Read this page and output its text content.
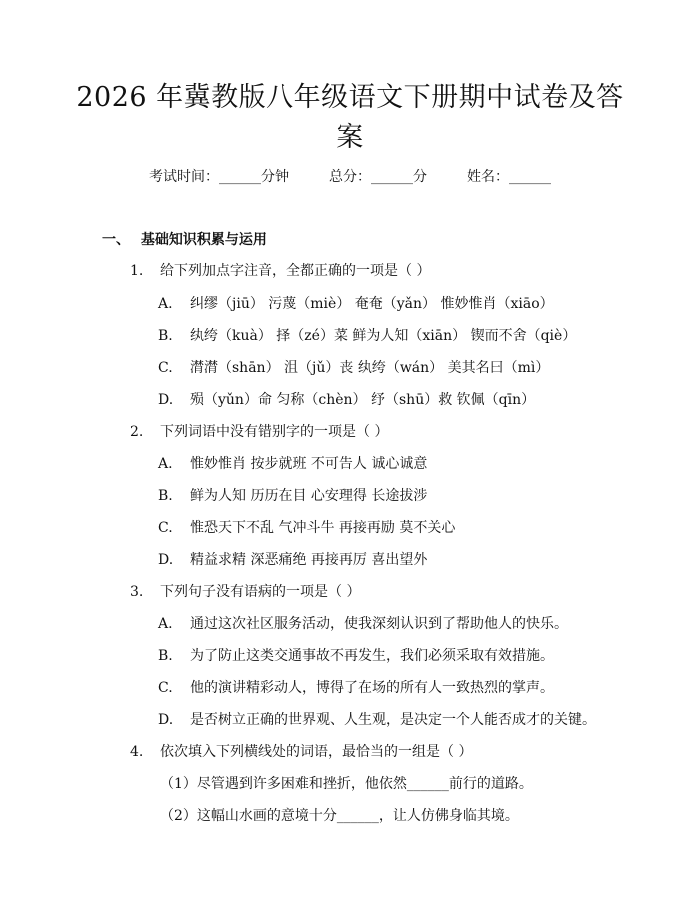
2026 年冀教版八年级语文下册期中试卷及答
案
考试时间：______分钟	总分：______分	姓名：______
一、 基础知识积累与运用
1. 给下列加点字注音，全都正确的一项是（ ）
A. 纠缪（jiū） 污蔑（miè） 奄奄（yǎn） 惟妙惟肖（xiāo）
B. 纨绔（kuà） 择（zé）菜 鲜为人知（xiān） 锲而不舍（qiè）
C. 潸潸（shān） 沮（jǔ）丧 纨绔（wán） 美其名曰（mì）
D. 殒（yǔn）命 匀称（chèn） 纾（shū）救 钦佩（qīn）
2. 下列词语中没有错别字的一项是（ ）
A. 惟妙惟肖 按步就班 不可告人 诚心诚意
B. 鲜为人知 历历在目 心安理得 长途拔涉
C. 惟恐天下不乱 气冲斗牛 再接再励 莫不关心
D. 精益求精 深恶痛绝 再接再厉 喜出望外
3. 下列句子没有语病的一项是（ ）
A. 通过这次社区服务活动，使我深刻认识到了帮助他人的快乐。
B. 为了防止这类交通事故不再发生，我们必须采取有效措施。
C. 他的演讲精彩动人，博得了在场的所有人一致热烈的掌声。
D. 是否树立正确的世界观、人生观，是决定一个人能否成才的关键。
4. 依次填入下列横线处的词语，最恰当的一组是（ ）
（1）尽管遇到许多困难和挫折，他依然______前行的道路。
（2）这幅山水画的意境十分______，让人仿佛身临其境。
